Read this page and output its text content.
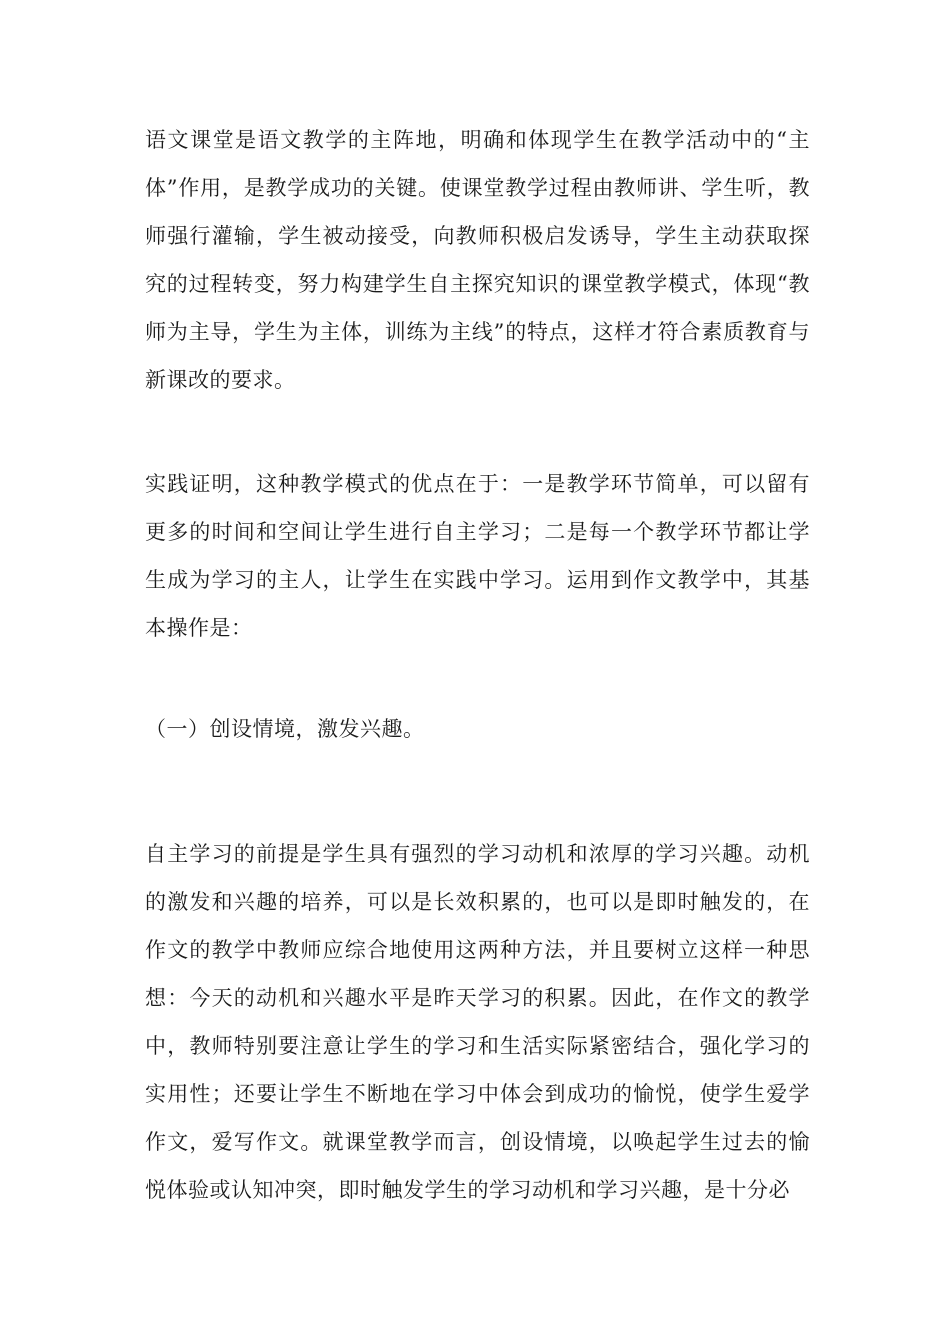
语文课堂是语文教学的主阵地，明确和体现学生在教学活动中的“主体”作用，是教学成功的关键。使课堂教学过程由教师讲、学生听，教师强行灌输，学生被动接受，向教师积极启发诱导，学生主动获取探究的过程转变，努力构建学生自主探究知识的课堂教学模式，体现“教师为主导，学生为主体，训练为主线”的特点，这样才符合素质教育与新课改的要求。

实践证明，这种教学模式的优点在于：一是教学环节简单，可以留有更多的时间和空间让学生进行自主学习；二是每一个教学环节都让学生成为学习的主人，让学生在实践中学习。运用到作文教学中，其基本操作是：

（一）创设情境，激发兴趣。

自主学习的前提是学生具有强烈的学习动机和浓厚的学习兴趣。动机的激发和兴趣的培养，可以是长效积累的，也可以是即时触发的，在作文的教学中教师应综合地使用这两种方法，并且要树立这样一种思想：今天的动机和兴趣水平是昨天学习的积累。因此，在作文的教学中，教师特别要注意让学生的学习和生活实际紧密结合，强化学习的实用性；还要让学生不断地在学习中体会到成功的愉悦，使学生爱学作文，爱写作文。就课堂教学而言，创设情境，以唤起学生过去的愉悦体验或认知冲突，即时触发学生的学习动机和学习兴趣，是十分必
